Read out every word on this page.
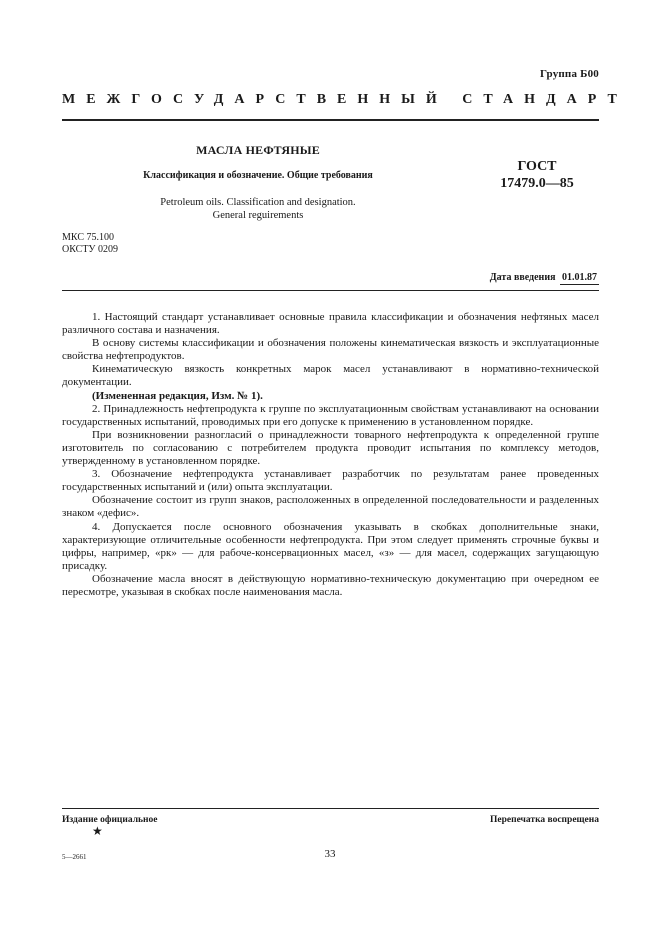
Группа Б00
МЕЖГОСУДАРСТВЕННЫЙ СТАНДАРТ
МАСЛА НЕФТЯНЫЕ
Классификация и обозначение. Общие требования
Petroleum oils. Classification and designation.
General reguirements
ГОСТ
17479.0—85
МКС 75.100
ОКСТУ 0209
Дата введения 01.01.87

1. Настоящий стандарт устанавливает основные правила классификации и обозначения нефтяных масел различного состава и назначения.

В основу системы классификации и обозначения положены кинематическая вязкость и эксплуатационные свойства нефтепродуктов.

Кинематическую вязкость конкретных марок масел устанавливают в нормативно-технической документации.

(Измененная редакция, Изм. № 1).

2. Принадлежность нефтепродукта к группе по эксплуатационным свойствам устанавливают на основании государственных испытаний, проводимых при его допуске к применению в установленном порядке.

При возникновении разногласий о принадлежности товарного нефтепродукта к определенной группе изготовитель по согласованию с потребителем продукта проводит испытания по комплексу методов, утвержденному в установленном порядке.

3. Обозначение нефтепродукта устанавливает разработчик по результатам ранее проведенных государственных испытаний и (или) опыта эксплуатации.

Обозначение состоит из групп знаков, расположенных в определенной последовательности и разделенных знаком «дефис».

4. Допускается после основного обозначения указывать в скобках дополнительные знаки, характеризующие отличительные особенности нефтепродукта. При этом следует применять строчные буквы и цифры, например, «рк» — для рабоче-консервационных масел, «з» — для масел, содержащих загущающую присадку.

Обозначение масла вносят в действующую нормативно-техническую документацию при очередном ее пересмотре, указывая в скобках после наименования масла.

Издание официальное	Перепечатка воспрещена
★
5—2661	33
